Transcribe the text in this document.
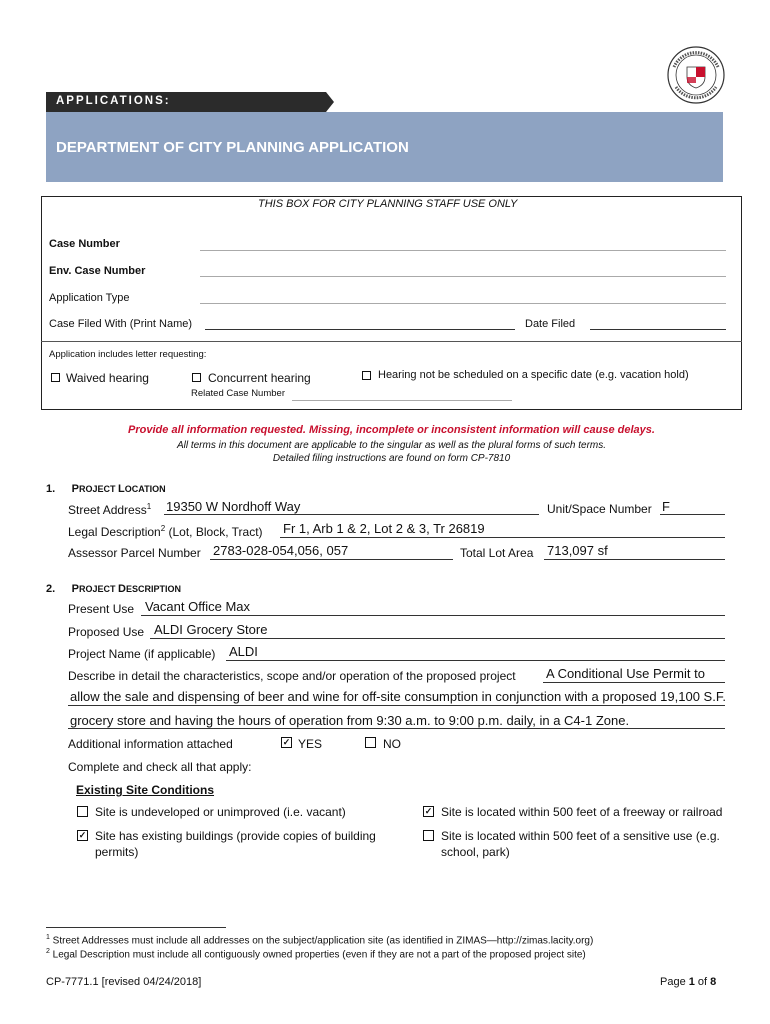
APPLICATIONS:
DEPARTMENT OF CITY PLANNING APPLICATION
THIS BOX FOR CITY PLANNING STAFF USE ONLY
Case Number
Env. Case Number
Application Type
Case Filed With (Print Name)	Date Filed
Application includes letter requesting:
Waived hearing	Concurrent hearing
Related Case Number
Hearing not be scheduled on a specific date (e.g. vacation hold)
Provide all information requested. Missing, incomplete or inconsistent information will cause delays.
All terms in this document are applicable to the singular as well as the plural forms of such terms.
Detailed filing instructions are found on form CP-7810
1. PROJECT LOCATION
Street Address$^1$ 19350 W Nordhoff Way	Unit/Space Number F
Legal Description$^2$ (Lot, Block, Tract) Fr 1, Arb 1 & 2, Lot 2 & 3, Tr 26819
Assessor Parcel Number 2783-028-054,056, 057	Total Lot Area 713,097 sf
2. PROJECT DESCRIPTION
Present Use Vacant Office Max
Proposed Use ALDI Grocery Store
Project Name (if applicable) ALDI
Describe in detail the characteristics, scope and/or operation of the proposed project A Conditional Use Permit to
allow the sale and dispensing of beer and wine for off-site consumption in conjunction with a proposed 19,100 S.F.
grocery store and having the hours of operation from 9:30 a.m. to 9:00 p.m. daily, in a C4-1 Zone.
Additional information attached	✓ YES	NO
Complete and check all that apply:
Existing Site Conditions
Site is undeveloped or unimproved (i.e. vacant)	✓ Site is located within 500 feet of a freeway or railroad
✓ Site has existing buildings (provide copies of building
permits)
Site is located within 500 feet of a sensitive use (e.g.
school, park)
$^1$ Street Addresses must include all addresses on the subject/application site (as identified in ZIMAS—http://zimas.lacity.org)
$^2$ Legal Description must include all contiguously owned properties (even if they are not a part of the proposed project site)
CP-7771.1 [revised 04/24/2018]	Page 1 of 8
